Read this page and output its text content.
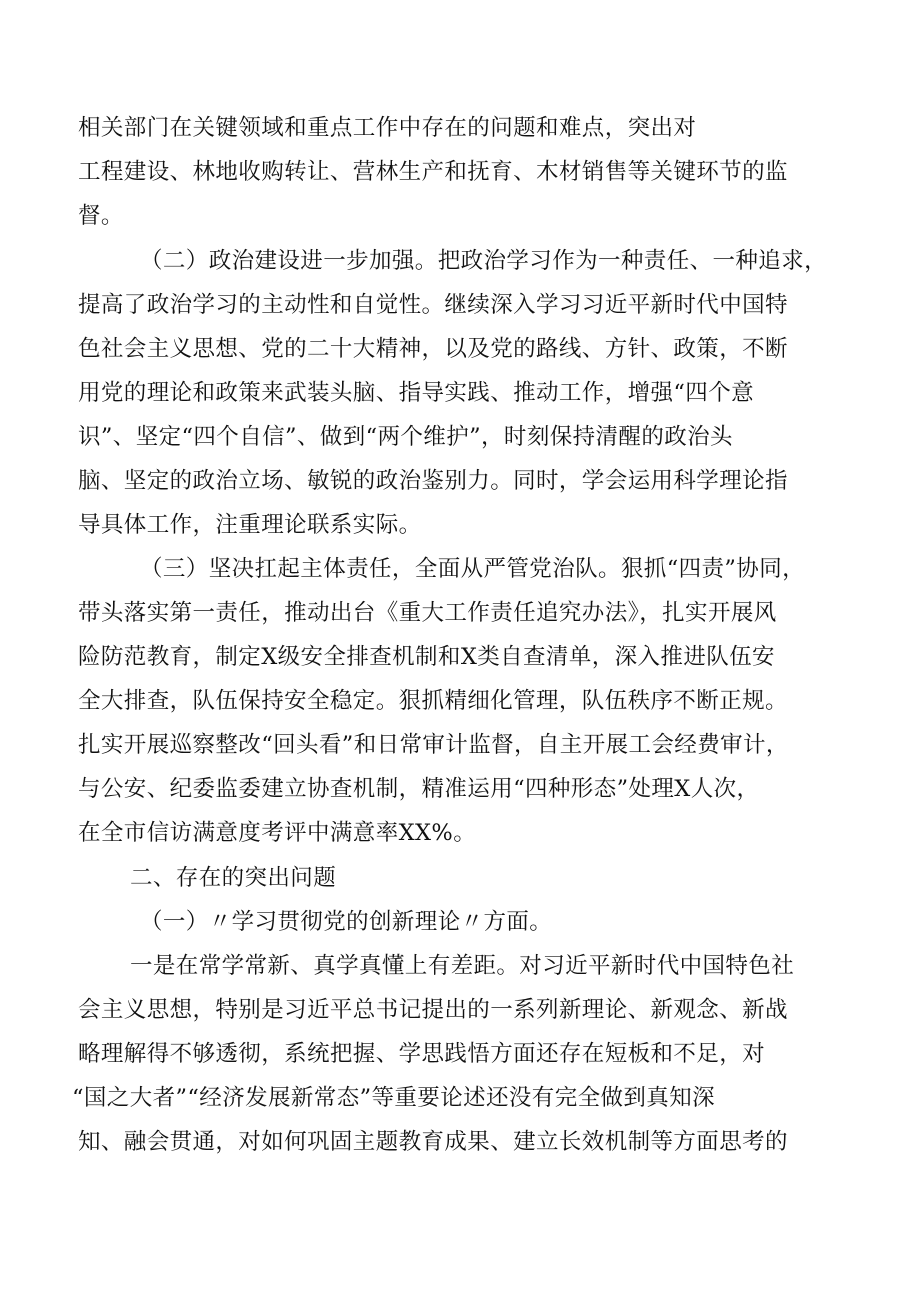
相关部门在关键领域和重点工作中存在的问题和难点，突出对
工程建设、林地收购转让、营林生产和抚育、木材销售等关键环节的监
督。
（二）政治建设进一步加强。把政治学习作为一种责任、一种追求，
提高了政治学习的主动性和自觉性。继续深入学习习近平新时代中国特
色社会主义思想、党的二十大精神，以及党的路线、方针、政策，不断
用党的理论和政策来武装头脑、指导实践、推动工作，增强“四个意
识”、坚定“四个自信”、做到“两个维护”，时刻保持清醒的政治头
脑、坚定的政治立场、敏锐的政治鉴别力。同时，学会运用科学理论指
导具体工作，注重理论联系实际。
（三）坚决扛起主体责任，全面从严管党治队。狠抓“四责”协同，
带头落实第一责任，推动出台《重大工作责任追究办法》，扎实开展风
险防范教育，制定X级安全排查机制和X类自查清单，深入推进队伍安
全大排查，队伍保持安全稳定。狠抓精细化管理，队伍秩序不断正规。
扎实开展巡察整改“回头看”和日常审计监督，自主开展工会经费审计，
与公安、纪委监委建立协查机制，精准运用“四种形态”处理X人次，
在全市信访满意度考评中满意率XX%。
二、存在的突出问题
（一）〃学习贯彻党的创新理论〃方面。
一是在常学常新、真学真懂上有差距。对习近平新时代中国特色社
会主义思想，特别是习近平总书记提出的一系列新理论、新观念、新战
略理解得不够透彻，系统把握、学思践悟方面还存在短板和不足，对
“国之大者”“经济发展新常态”等重要论述还没有完全做到真知深
知、融会贯通，对如何巩固主题教育成果、建立长效机制等方面思考的
